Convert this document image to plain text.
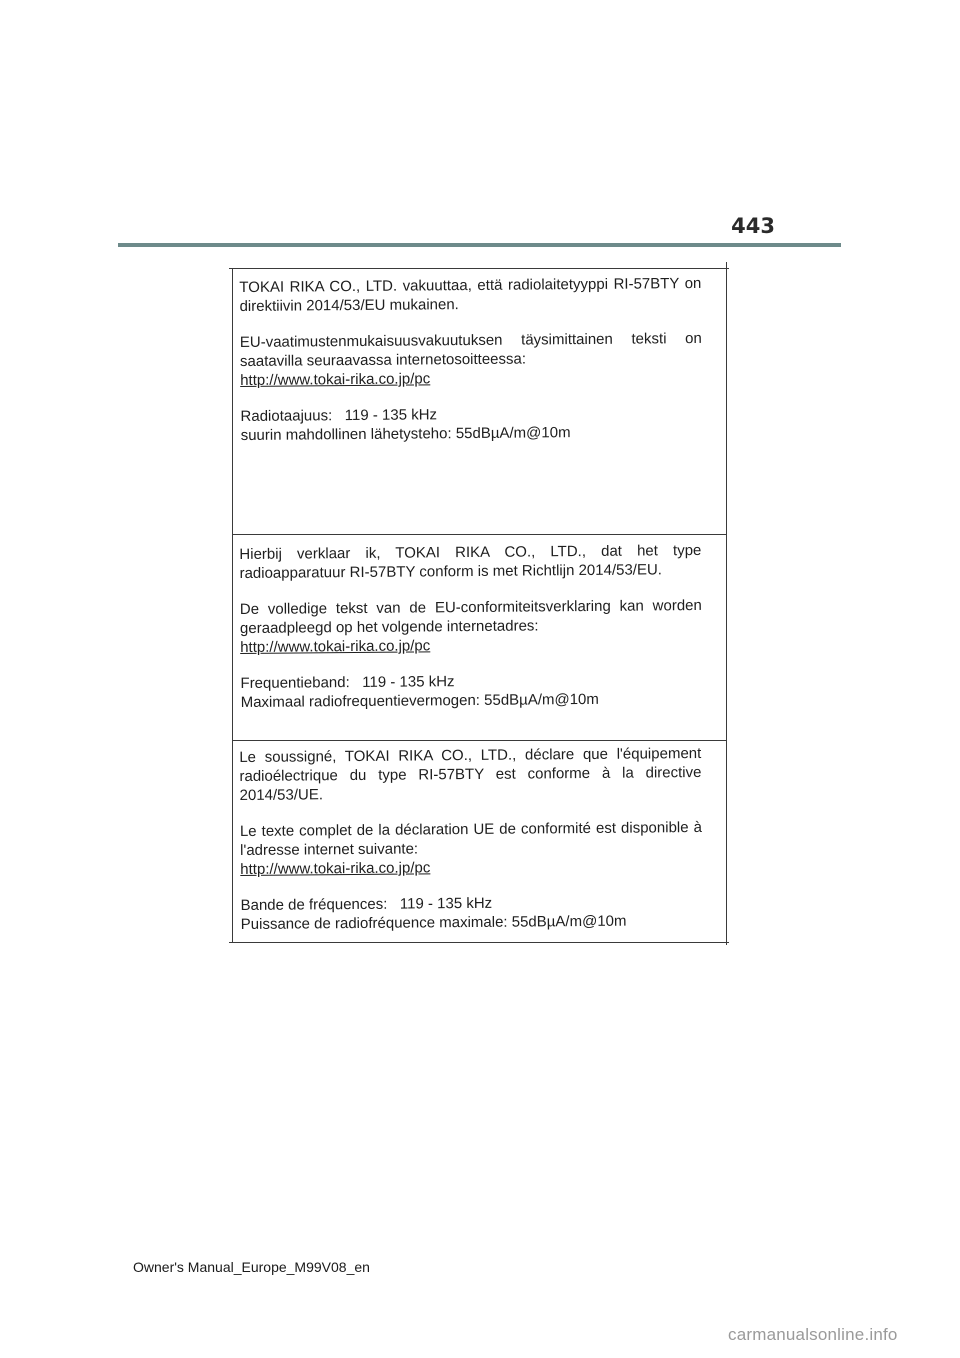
443

TOKAI RIKA CO., LTD. vakuuttaa, että radiolaitetyyppi RI-57BTY on

direktiivin 2014/53/EU mukainen.

EU-vaatimustenmukaisuusvakuutuksen täysimittainen teksti on

saatavilla seuraavassa internetosoitteessa:

http://www.tokai-rika.co.jp/pc

Radiotaajuus: 119 - 135 kHz

suurin mahdollinen lähetysteho: 55dBµA/m@10m

Hierbij verklaar ik, TOKAI RIKA CO., LTD., dat het type

radioapparatuur RI-57BTY conform is met Richtlijn 2014/53/EU.

De volledige tekst van de EU-conformiteitsverklaring kan worden

geraadpleegd op het volgende internetadres:

http://www.tokai-rika.co.jp/pc

Frequentieband: 119 - 135 kHz

Maximaal radiofrequentievermogen: 55dBµA/m@10m

Le soussigné, TOKAI RIKA CO., LTD., déclare que l'équipement

radioélectrique du type RI-57BTY est conforme à la directive

2014/53/UE.

Le texte complet de la déclaration UE de conformité est disponible à

l'adresse internet suivante:

http://www.tokai-rika.co.jp/pc

Bande de fréquences: 119 - 135 kHz

Puissance de radiofréquence maximale: 55dBµA/m@10m

Owner's Manual_Europe_M99V08_en
carmanualsonline.info
